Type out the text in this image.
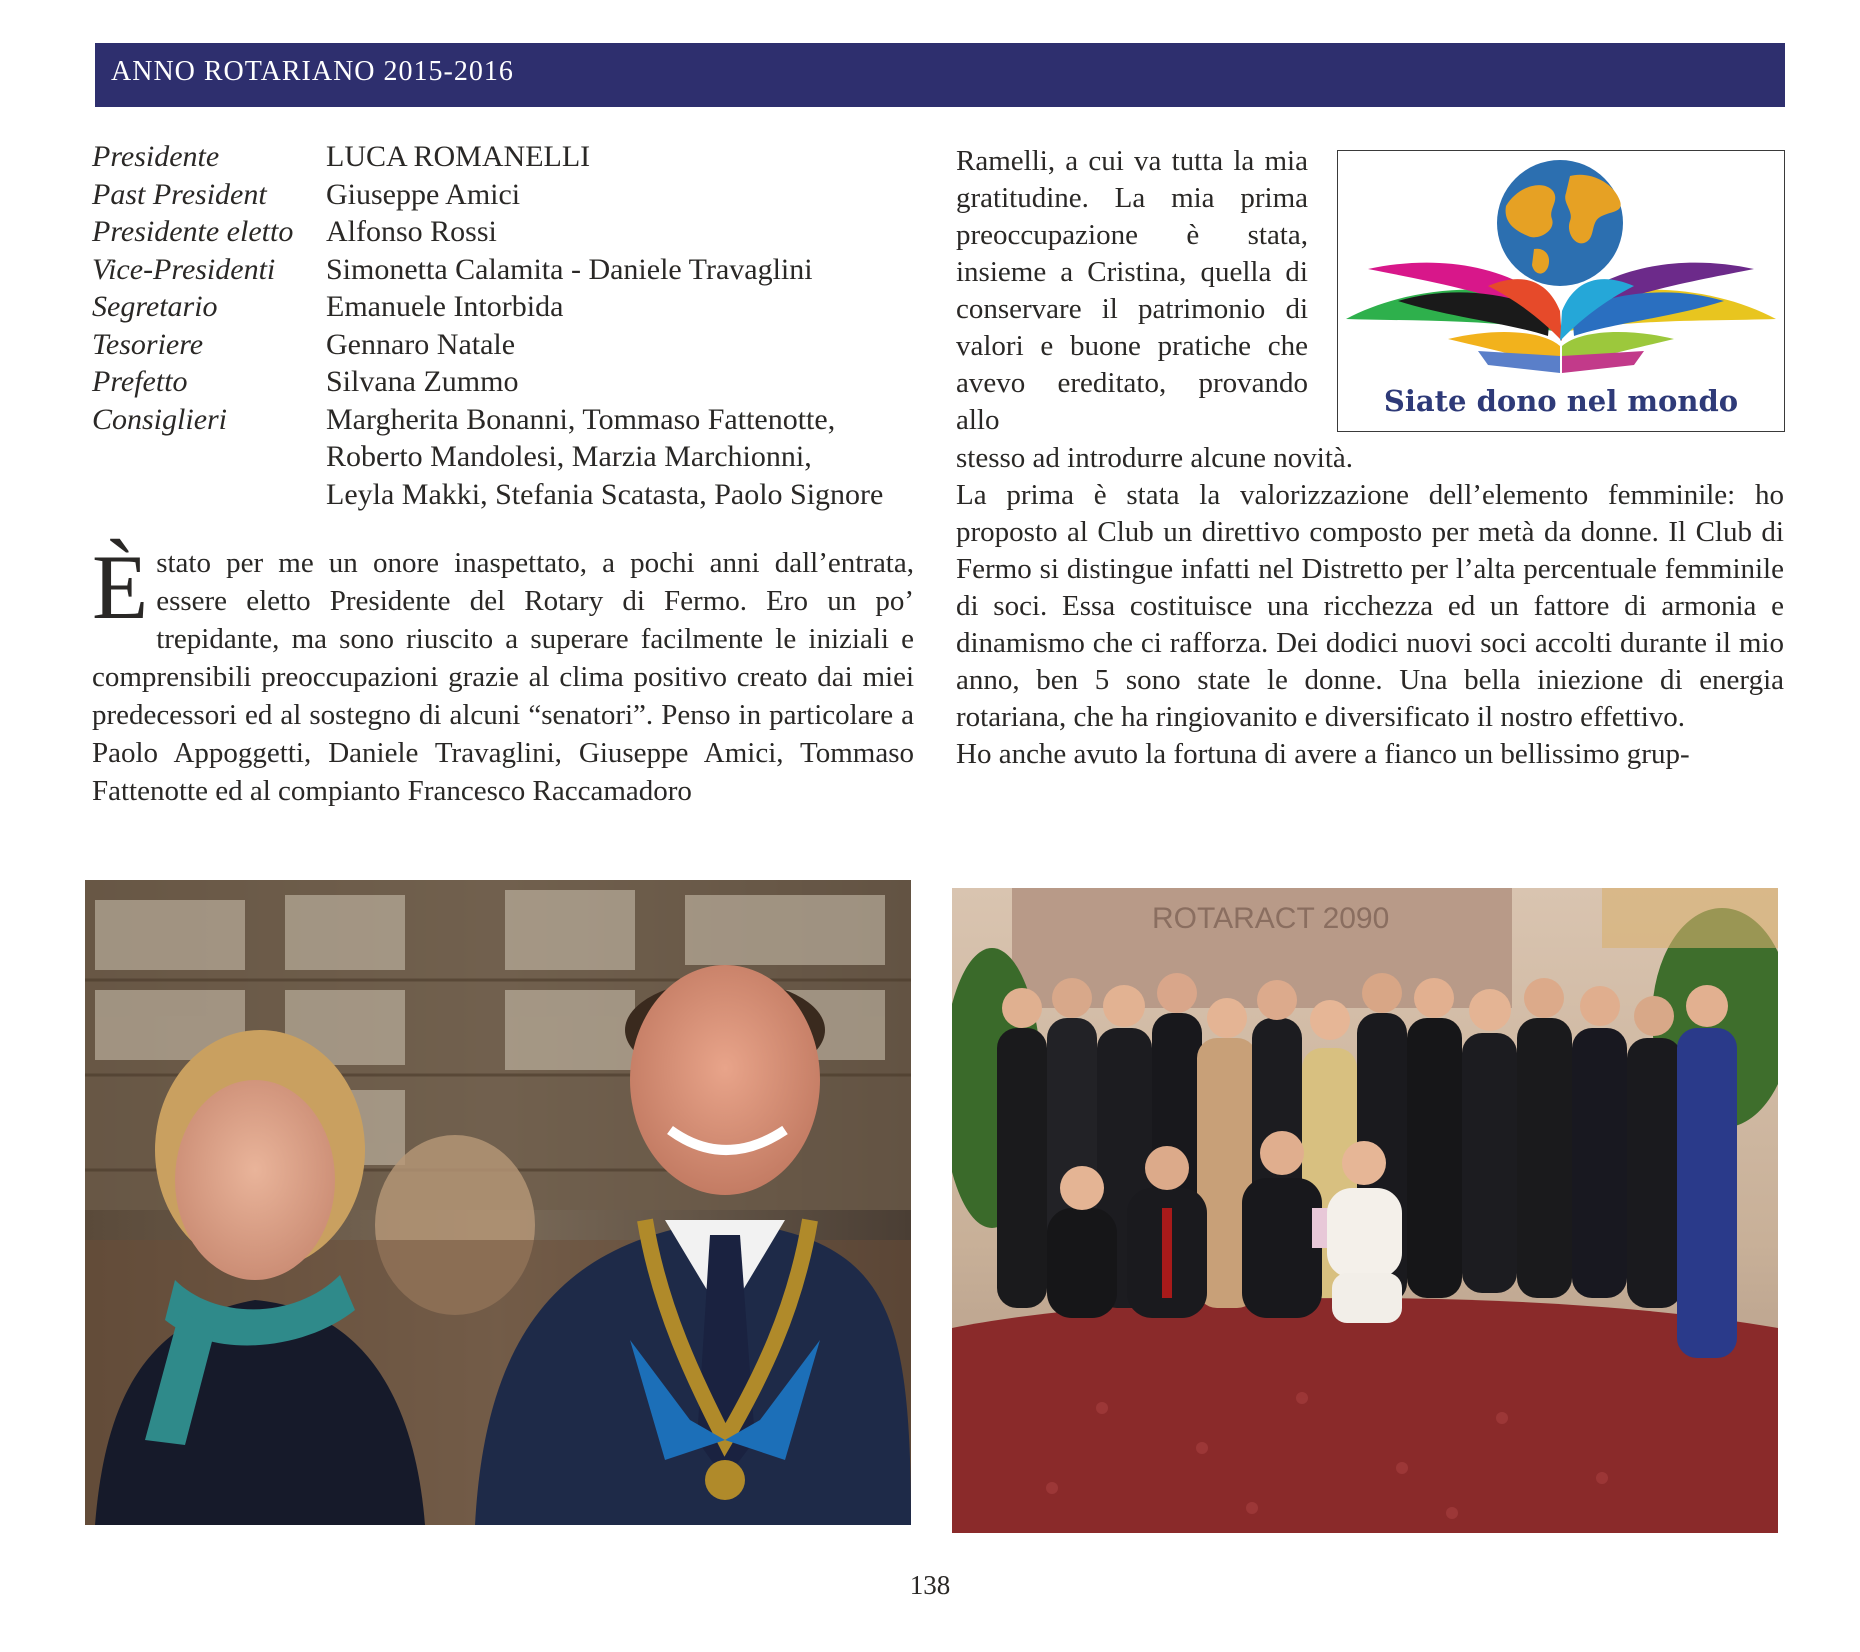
ANNO ROTARIANO 2015-2016
Presidente	LUCA ROMANELLI
Past President	Giuseppe Amici
Presidente eletto	Alfonso Rossi
Vice-Presidenti	Simonetta Calamita - Daniele Travaglini
Segretario	Emanuele Intorbida
Tesoriere	Gennaro Natale
Prefetto	Silvana Zummo
Consiglieri	Margherita Bonanni, Tommaso Fattenotte,
Roberto Mandolesi, Marzia Marchionni,
Leyla Makki, Stefania Scatasta, Paolo Signore

Èstato per me un onore inaspettato, a pochi anni dall’entrata, essere eletto Presidente del Rotary di Fermo. Ero un po’ trepidante, ma sono riuscito a superare facilmente le iniziali e comprensibili preoccupazioni grazie al clima positivo creato dai miei predecessori ed al sostegno di alcuni “senatori”. Penso in particolare a Paolo Appoggetti, Daniele Travaglini, Giuseppe Amici, Tommaso Fattenotte ed al compianto Francesco Raccamadoro

Ramelli, a cui va tutta la mia gratitudine. La mia prima preoccupazione è stata, insieme a Cristina, quella di conservare il patrimonio di valori e buone pratiche che avevo ereditato, provando allo

Siate dono nel mondo
stesso ad introdurre alcune novità.

La prima è stata la valorizzazione dell’elemento femminile: ho proposto al Club un direttivo composto per metà da donne. Il Club di Fermo si distingue infatti nel Distretto per l’alta percentuale femminile di soci. Essa costituisce una ricchezza ed un fattore di armonia e dinamismo che ci rafforza. Dei dodici nuovi soci accolti durante il mio anno, ben 5 sono state le donne. Una bella iniezione di energia rotariana, che ha ringiovanito e diversificato il nostro effettivo.

Ho anche avuto la fortuna di avere a fianco un bellissimo grup-

ROTARACT 2090
138
